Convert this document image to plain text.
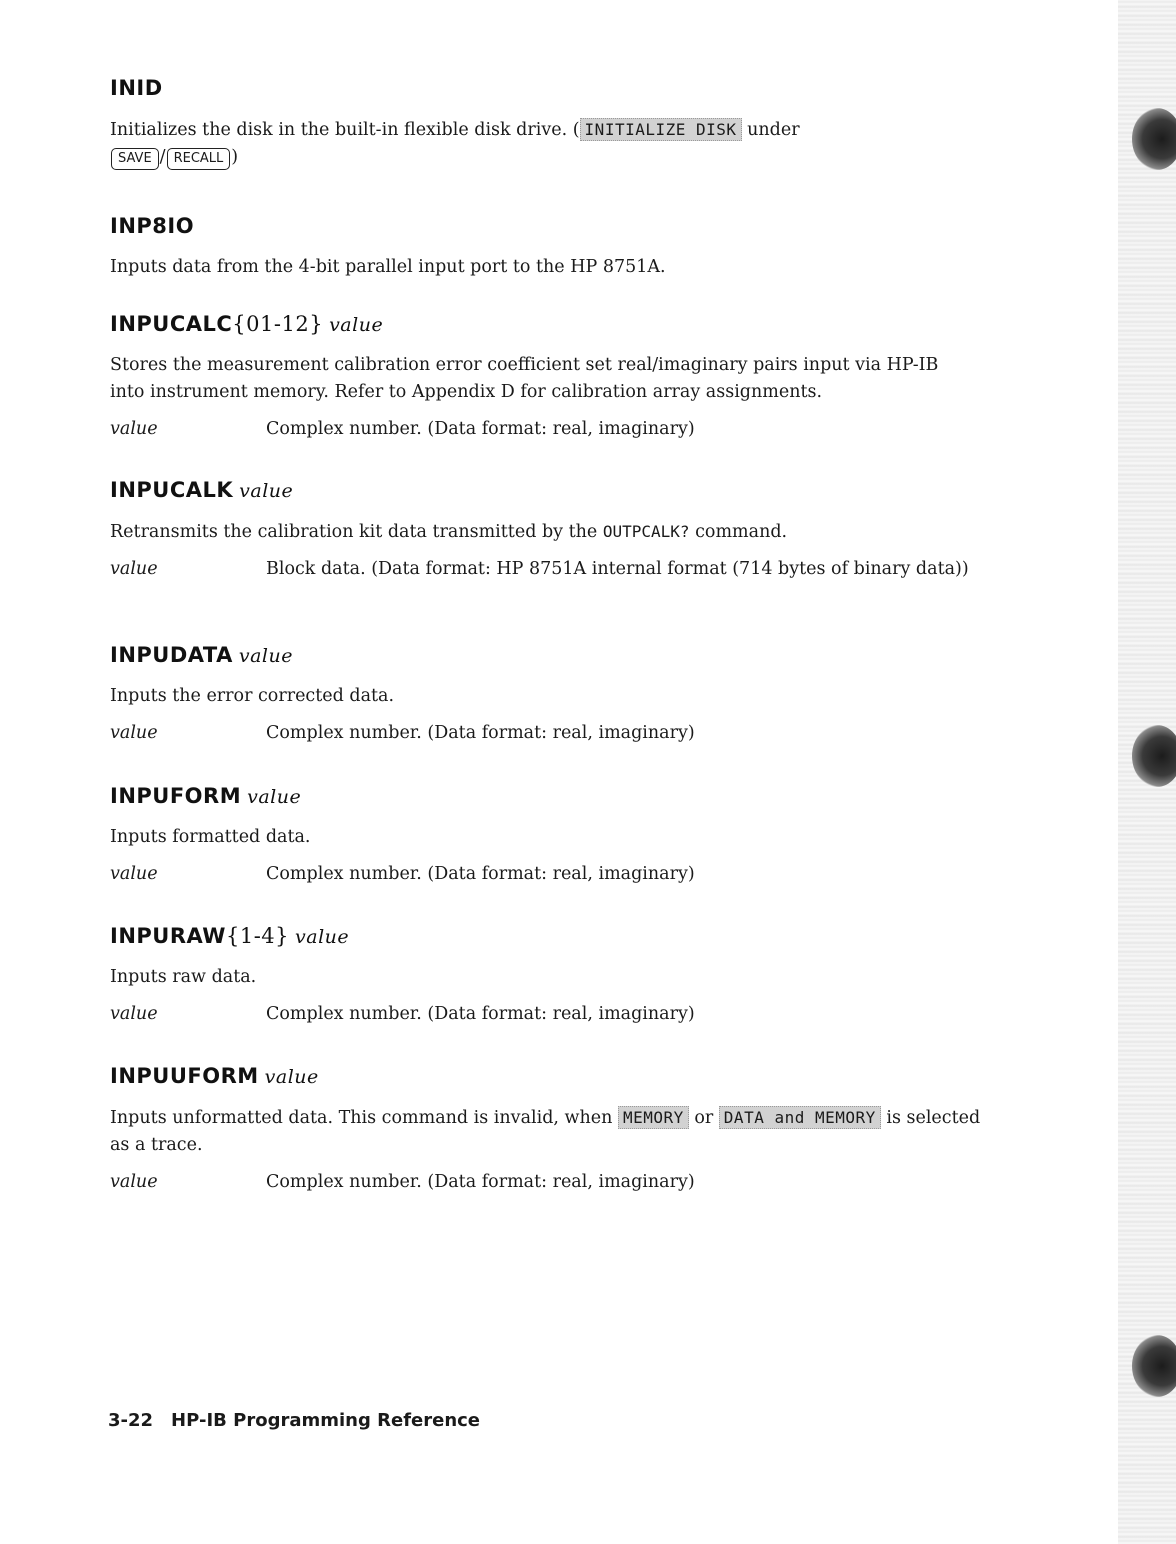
INID
Initializes the disk in the built-in flexible disk drive. ( INITIALIZE DISK under
SAVE / RECALL )
INP8IO
Inputs data from the 4-bit parallel input port to the HP 8751A.
INPUCALC{01-12} value
Stores the measurement calibration error coefficient set real/imaginary pairs input via HP-IB
into instrument memory. Refer to Appendix D for calibration array assignments.
value	Complex number. (Data format: real, imaginary)
INPUCALK value
Retransmits the calibration kit data transmitted by the OUTPCALK? command.
value	Block data. (Data format: HP 8751A internal format (714 bytes of binary data))
INPUDATA value
Inputs the error corrected data.
value	Complex number. (Data format: real, imaginary)
INPUFORM value
Inputs formatted data.
value	Complex number. (Data format: real, imaginary)
INPURAW{1-4} value
Inputs raw data.
value	Complex number. (Data format: real, imaginary)
INPUUFORM value
Inputs unformatted data. This command is invalid, when MEMORY or DATA and MEMORY is selected as a trace.
value	Complex number. (Data format: real, imaginary)
3-22 HP-IB Programming Reference
